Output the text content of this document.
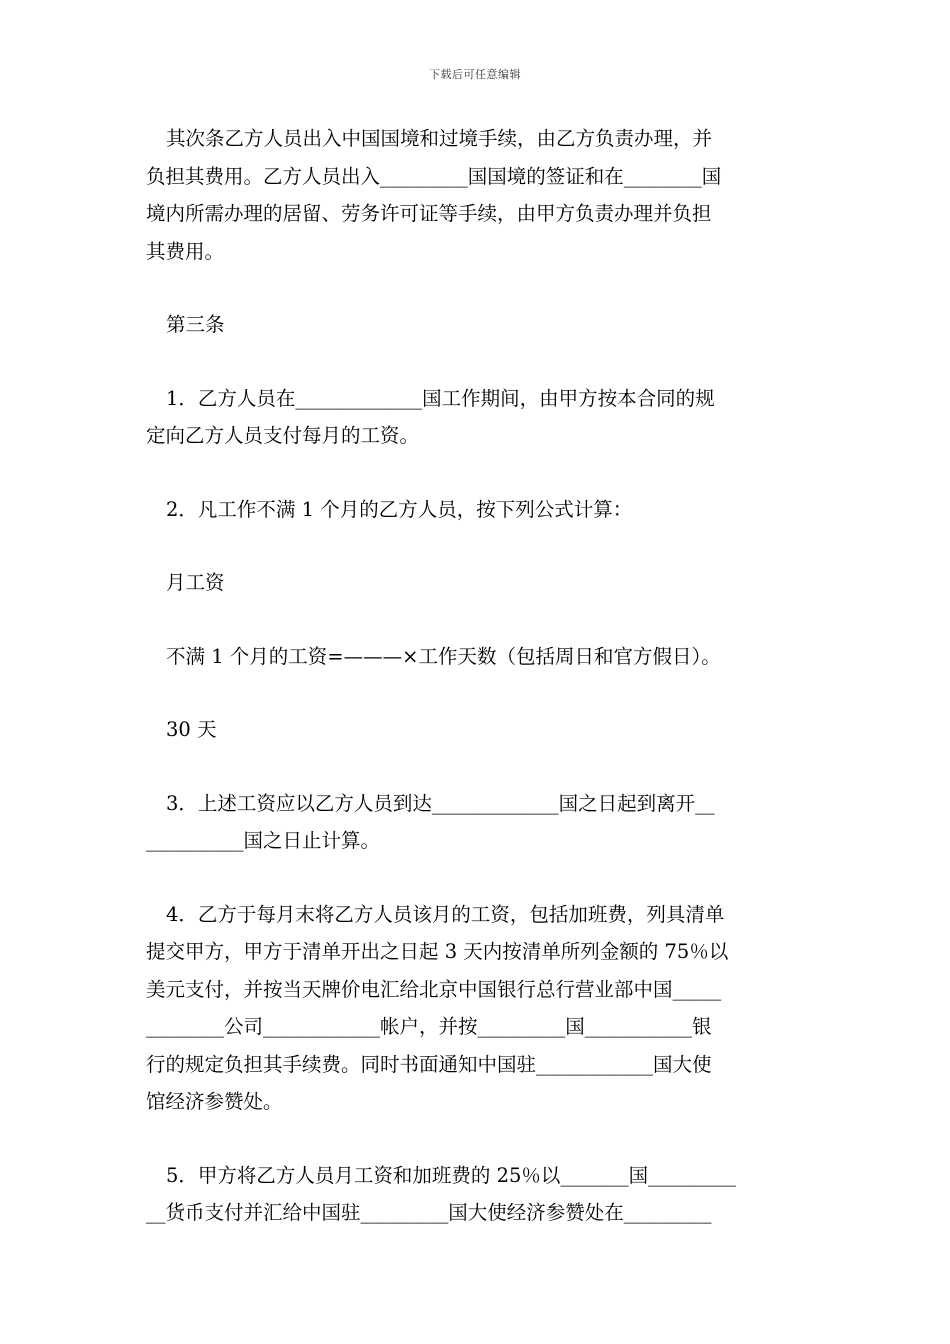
下载后可任意编辑

其次条乙方人员出入中国国境和过境手续，由乙方负责办理，并
负担其费用。乙方人员出入_________国国境的签证和在________国
境内所需办理的居留、劳务许可证等手续，由甲方负责办理并负担
其费用。

第三条

1．乙方人员在_____________国工作期间，由甲方按本合同的规
定向乙方人员支付每月的工资。

2．凡工作不满 1 个月的乙方人员，按下列公式计算：

月工资

不满 1 个月的工资=———×工作天数（包括周日和官方假日）。

30 天

3．上述工资应以乙方人员到达_____________国之日起到离开__
__________国之日止计算。

4．乙方于每月末将乙方人员该月的工资，包括加班费，列具清单
提交甲方，甲方于清单开出之日起 3 天内按清单所列金额的 75％以
美元支付，并按当天牌价电汇给北京中国银行总行营业部中国_____
________公司____________帐户，并按_________国___________银
行的规定负担其手续费。同时书面通知中国驻____________国大使
馆经济参赞处。

5．甲方将乙方人员月工资和加班费的 25％以_______国_________
__货币支付并汇给中国驻_________国大使经济参赞处在_________
